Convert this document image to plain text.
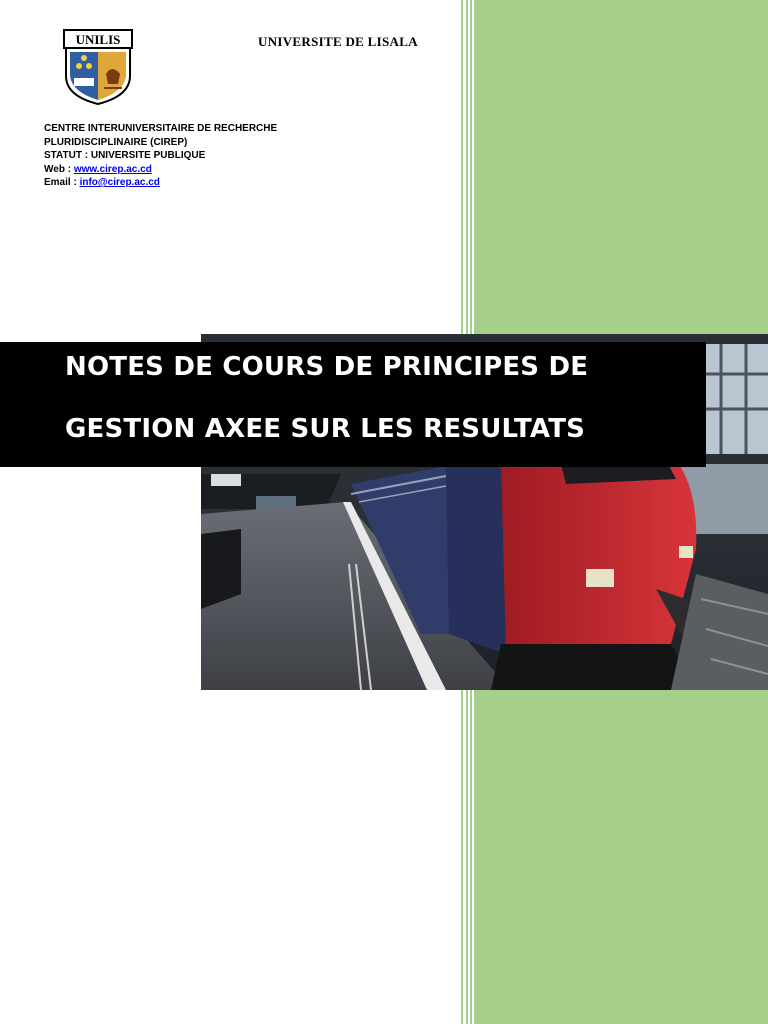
UNILIS	UNIVERSITE DE LISALA
CENTRE INTERUNIVERSITAIRE DE RECHERCHE
PLURIDISCIPLINAIRE (CIREP)
STATUT : UNIVERSITE PUBLIQUE
Web : www.cirep.ac.cd
Email : info@cirep.ac.cd
NOTES DE COURS DE PRINCIPES DE
GESTION AXEE SUR LES RESULTATS
